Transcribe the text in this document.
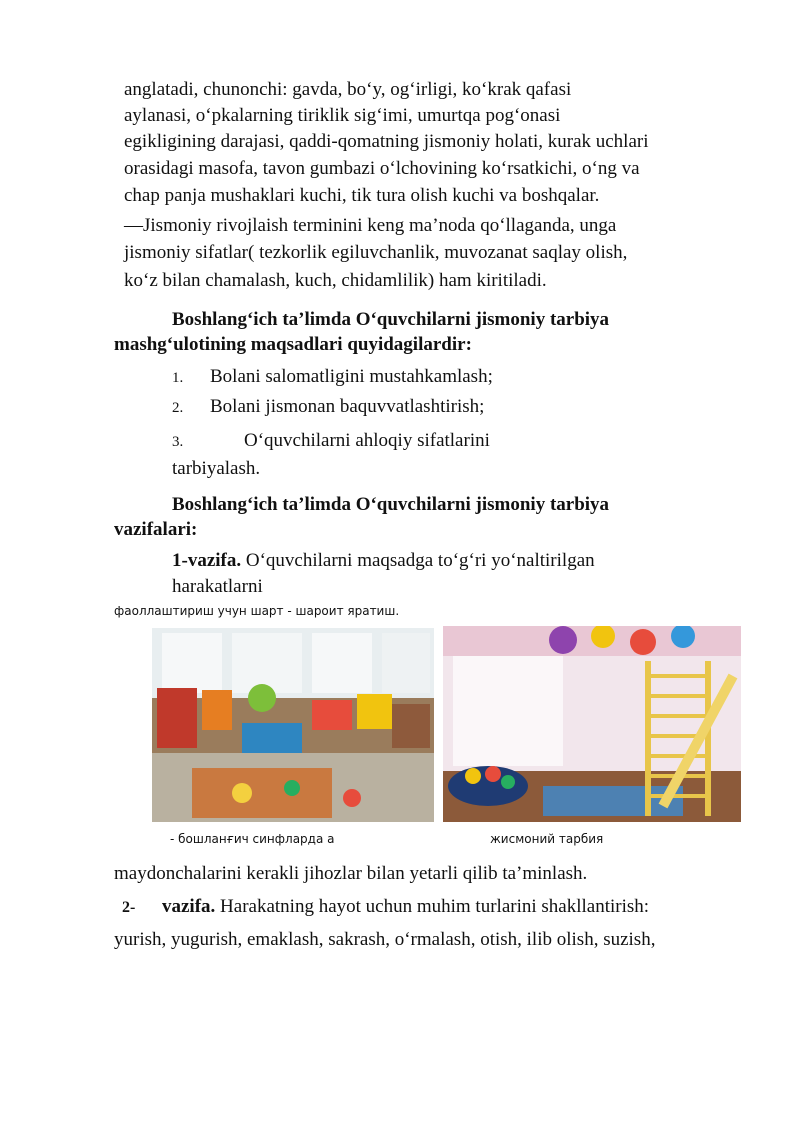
anglatadi, chunonchi: gavda, bo‘y, og‘irligi, ko‘krak qafasi
aylanasi, o‘pkalarning tiriklik sig‘imi, umurtqa pog‘onasi
egikligining darajasi, qaddi-qomatning jismoniy holati, kurak uchlari
orasidagi masofa, tavon gumbazi o‘lchovining ko‘rsatkichi, o‘ng va
chap panja mushaklari kuchi, tik tura olish kuchi va boshqalar.
―Jismoniy rivojlaish terminini keng ma’noda qo‘llaganda, unga
jismoniy sifatlar( tezkorlik egiluvchanlik, muvozanat saqlay olish,
ko‘z bilan chamalash, kuch, chidamlilik) ham kiritiladi.
Boshlang‘ich ta’limda O‘quvchilarni jismoniy tarbiya
mashg‘ulotining maqsadlari quyidagilardir:
1. Bolani salomatligini mustahkamlash;
2. Bolani jismonan baquvvatlashtirish;
3.	O‘quvchilarni ahloqiy sifatlarini
tarbiyalash.
Boshlang‘ich ta’limda O‘quvchilarni jismoniy tarbiya
vazifalari:
1-vazifa. O‘quvchilarni maqsadga to‘g‘ri yo‘naltirilgan
harakatlarni
фаоллаштириш учун шарт ‐ шароит яратиш.
‐ бошланғич синфларда а	жисмоний тарбия
maydonchalarini kerakli jihozlar bilan yetarli qilib ta’minlash.
2- vazifa. Harakatning hayot uchun muhim turlarini shakllantirish:
yurish, yugurish, emaklash, sakrash, o‘rmalash, otish, ilib olish, suzish,
